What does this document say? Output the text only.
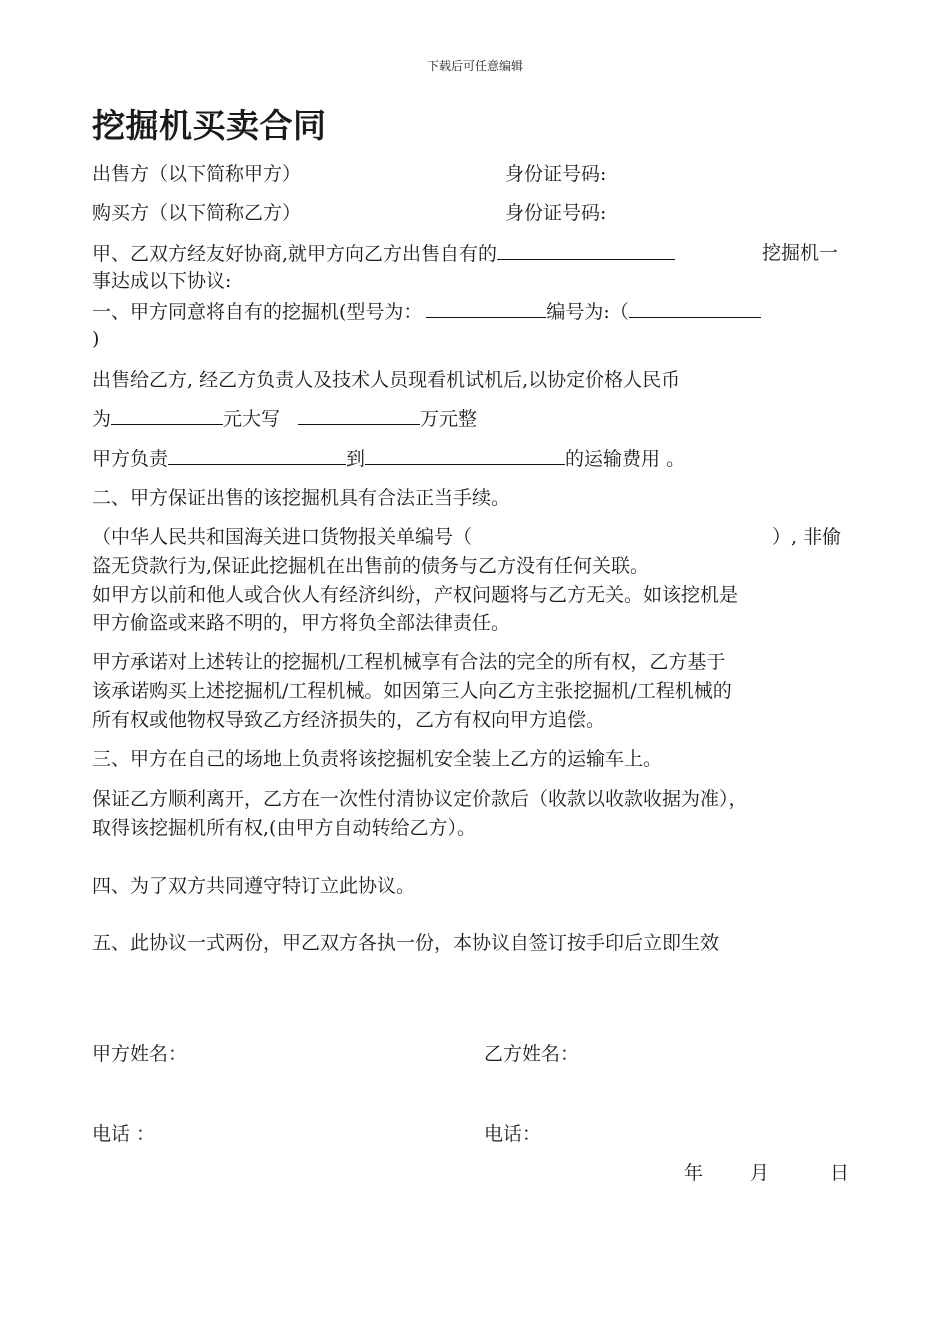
下载后可任意编辑
挖掘机买卖合同
出售方（以下简称甲方）	身份证号码:
购买方（以下简称乙方）	身份证号码:
甲、乙双方经友好协商,就甲方向乙方出售自有的	挖掘机一
事达成以下协议:
一、甲方同意将自有的挖掘机(型号为：	编号为:（
)
出售给乙方, 经乙方负责人及技术人员现看机试机后,以协定价格人民币
为	元大写	万元整
甲方负责	到	的运输费用 。
二、甲方保证出售的该挖掘机具有合法正当手续。
（中华人民共和国海关进口货物报关单编号（	）, 非偷
盗无贷款行为,保证此挖掘机在出售前的债务与乙方没有任何关联。
如甲方以前和他人或合伙人有经济纠纷，产权问题将与乙方无关。如该挖机是
甲方偷盗或来路不明的，甲方将负全部法律责任。
甲方承诺对上述转让的挖掘机/工程机械享有合法的完全的所有权，乙方基于
该承诺购买上述挖掘机/工程机械。如因第三人向乙方主张挖掘机/工程机械的
所有权或他物权导致乙方经济损失的，乙方有权向甲方追偿。
三、甲方在自己的场地上负责将该挖掘机安全装上乙方的运输车上。
保证乙方顺利离开，乙方在一次性付清协议定价款后（收款以收款收据为准），
取得该挖掘机所有权,(由甲方自动转给乙方）。
四、为了双方共同遵守特订立此协议。
五、此协议一式两份，甲乙双方各执一份，本协议自签订按手印后立即生效
甲方姓名：	乙方姓名：
电话 ：	电话：
年 月	日
